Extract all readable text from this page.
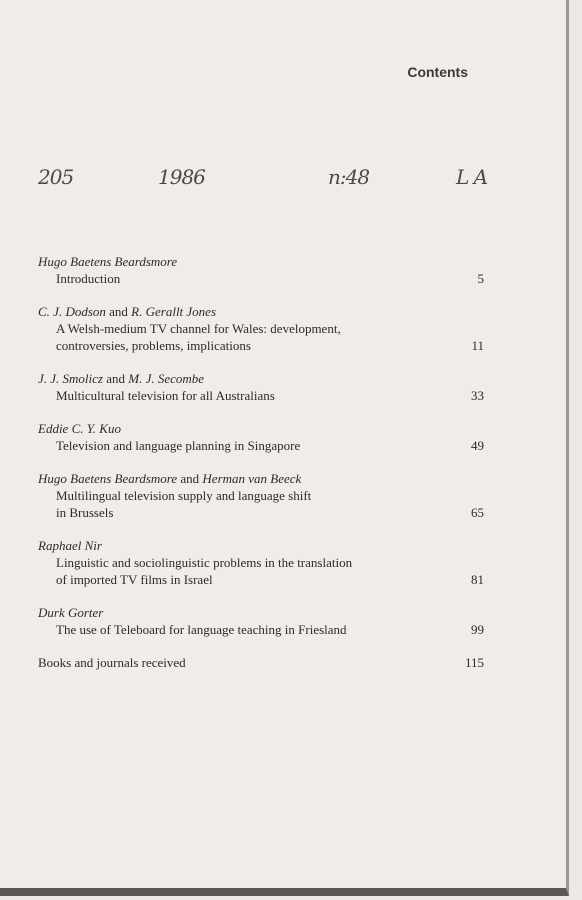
Contents
205	1986	n:48	L A
Hugo Baetens Beardsmore
Introduction	5
C. J. Dodson and R. Gerallt Jones
A Welsh-medium TV channel for Wales: development,
controversies, problems, implications	11
J. J. Smolicz and M. J. Secombe
Multicultural television for all Australians	33
Eddie C. Y. Kuo
Television and language planning in Singapore	49
Hugo Baetens Beardsmore and Herman van Beeck
Multilingual television supply and language shift
in Brussels	65
Raphael Nir
Linguistic and sociolinguistic problems in the translation
of imported TV films in Israel	81
Durk Gorter
The use of Teleboard for language teaching in Friesland	99
Books and journals received	115
